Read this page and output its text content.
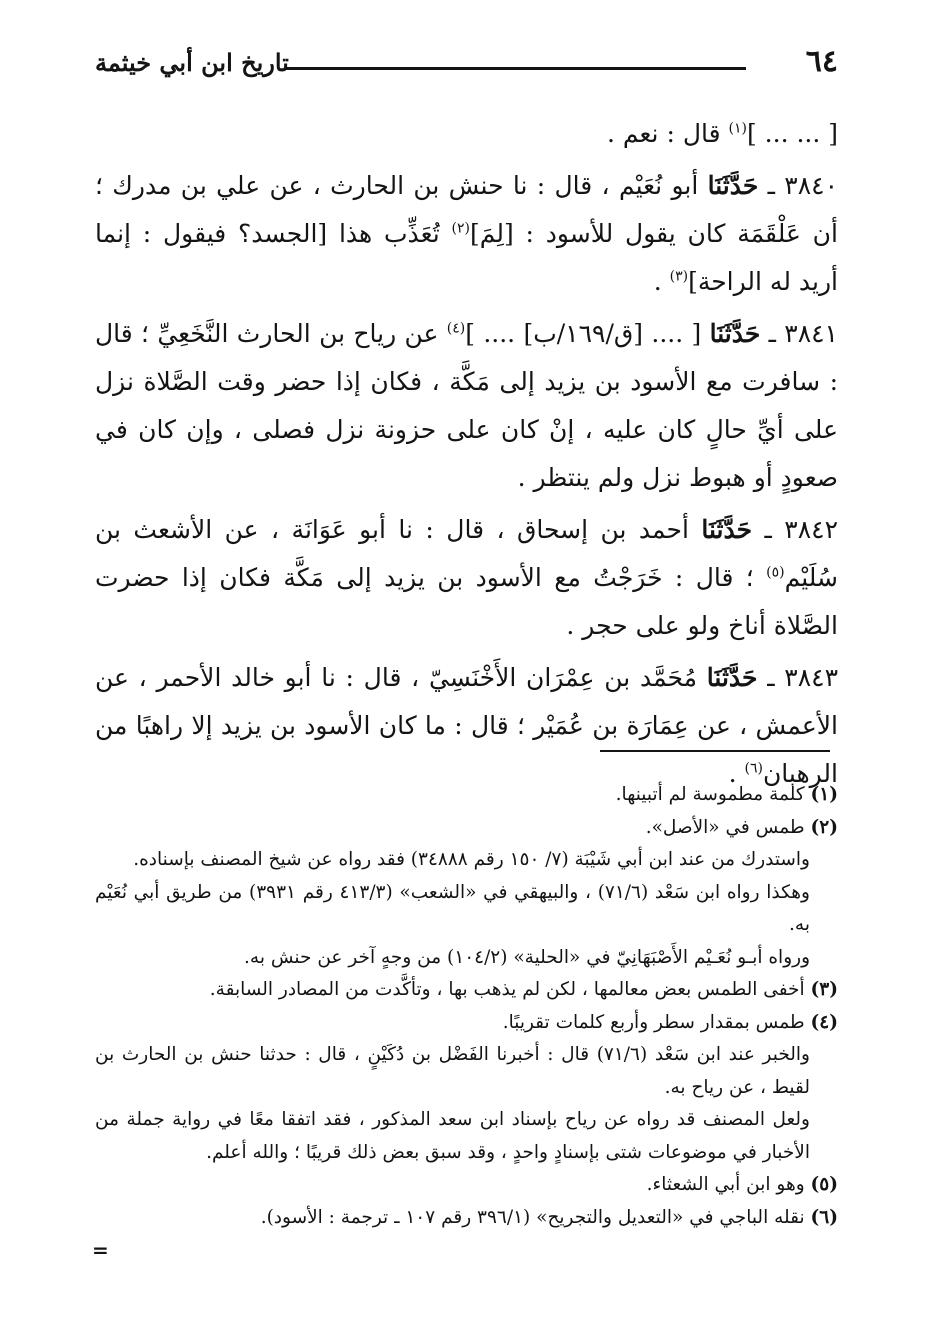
٦٤
تاريخ ابن أبي خيثمة

[ ... ... ]$^{(١)}$ قال : نعم .

٣٨٤٠ ـ حَدَّثَنَا أبو نُعَيْم ، قال : نا حنش بن الحارث ، عن علي بن مدرك ؛ أن عَلْقَمَة كان يقول للأسود : [لِمَ]$^{(٢)}$ تُعَذِّب هذا [الجسد؟ فيقول : إنما أريد له الراحة]$^{(٣)}$ .

٣٨٤١ ـ حَدَّثَنَا [ .... [ق/١٦٩/ب] .... ]$^{(٤)}$ عن رياح بن الحارث النَّخَعِيِّ ؛ قال : سافرت مع الأسود بن يزيد إلى مَكَّة ، فكان إذا حضر وقت الصَّلاة نزل على أيِّ حالٍ كان عليه ، إنْ كان على حزونة نزل فصلى ، وإن كان في صعودٍ أو هبوط نزل ولم ينتظر .

٣٨٤٢ ـ حَدَّثَنَا أحمد بن إسحاق ، قال : نا أبو عَوَانَة ، عن الأشعث بن سُلَيْم$^{(٥)}$ ؛ قال : خَرَجْتُ مع الأسود بن يزيد إلى مَكَّة فكان إذا حضرت الصَّلاة أناخ ولو على حجر .

٣٨٤٣ ـ حَدَّثَنَا مُحَمَّد بن عِمْرَان الأَخْنَسِيّ ، قال : نا أبو خالد الأحمر ، عن الأعمش ، عن عِمَارَة بن عُمَيْر ؛ قال : ما كان الأسود بن يزيد إلا راهبًا من الرهبان$^{(٦)}$ .

(١) كلمة مطموسة لم أتبينها.

(٢) طمس في «الأصل».

واستدرك من عند ابن أبي شَيْبَة (٧/ ١٥٠ رقم ٣٤٨٨٨) فقد رواه عن شيخ المصنف بإسناده.

وهكذا رواه ابن سَعْد (٧١/٦) ، والبيهقي في «الشعب» (٤١٣/٣ رقم ٣٩٣١) من طريق أبي نُعَيْم به.

ورواه أبـو نُعَـيْم الأَصْبَهَانِيّ في «الحلية» (١٠٤/٢) من وجهٍ آخر عن حنش به.

(٣) أخفى الطمس بعض معالمها ، لكن لم يذهب بها ، وتأكَّدت من المصادر السابقة.

(٤) طمس بمقدار سطر وأربع كلمات تقريبًا.

والخبر عند ابن سَعْد (٧١/٦) قال : أخبرنا الفَضْل بن دُكَيْنٍ ، قال : حدثنا حنش بن الحارث بن لقيط ، عن رياح به.

ولعل المصنف قد رواه عن رياح بإسناد ابن سعد المذكور ، فقد اتفقا معًا في رواية جملة من الأخبار في موضوعات شتى بإسنادٍ واحدٍ ، وقد سبق بعض ذلك قريبًا ؛ والله أعلم.

(٥) وهو ابن أبي الشعثاء.

(٦) نقله الباجي في «التعديل والتجريح» (٣٩٦/١ رقم ١٠٧ ـ ترجمة : الأسود).

=
